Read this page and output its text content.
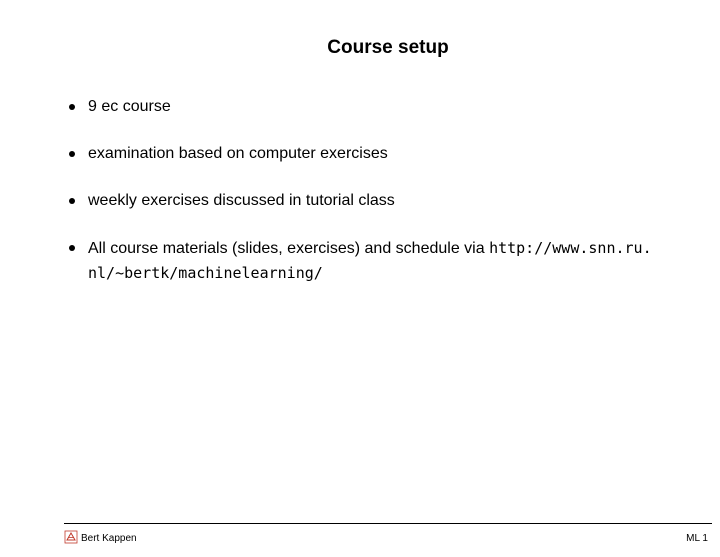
Course setup
9 ec course
examination based on computer exercises
weekly exercises discussed in tutorial class
All course materials (slides, exercises) and schedule via http://www.snn.ru.
nl/~bertk/machinelearning/
Bert Kappen	ML 1
